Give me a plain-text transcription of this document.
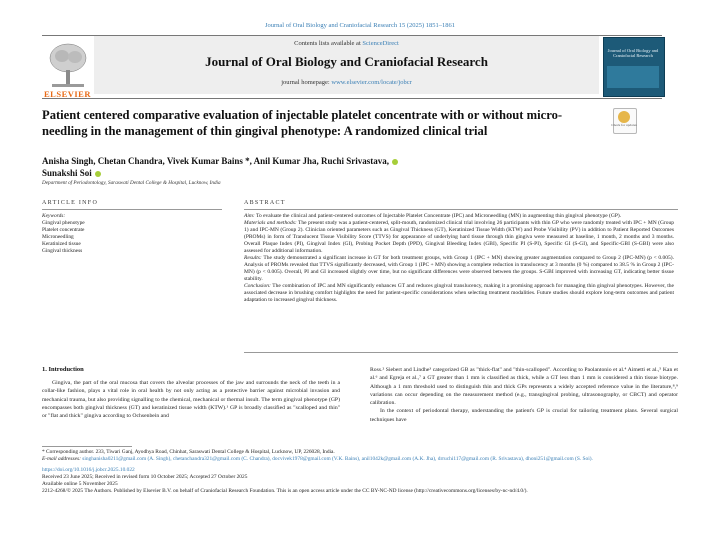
Journal of Oral Biology and Craniofacial Research 15 (2025) 1851–1861
Contents lists available at ScienceDirect
Journal of Oral Biology and Craniofacial Research
journal homepage: www.elsevier.com/locate/jobcr
ELSEVIER
Journal of Oral Biology and Craniofacial Research
Patient centered comparative evaluation of injectable platelet concentrate with or without micro-needling in the management of thin gingival phenotype: A randomized clinical trial	Check for updates
Anisha Singh, Chetan Chandra, Vivek Kumar Bains *, Anil Kumar Jha, Ruchi Srivastava,
Sunakshi Soi
Department of Periodontology, Saraswati Dental College & Hospital, Lucknow, India
ARTICLE INFO	ABSTRACT
Keywords:
Gingival phenotype
Platelet concentrate
Microneedling
Keratinized tissue
Gingival thickness

Aim: To evaluate the clinical and patient-centered outcomes of Injectable Platelet Concentrate (IPC) and Microneedling (MN) in augmenting thin gingival phenotype (GP).

Materials and methods: The present study was a patient-centered, split-mouth, randomized clinical trial involving 26 participants with thin GP who were randomly treated with IPC + MN (Group 1) and IPC-MN (Group 2). Clinician oriented parameters such as Gingival Thickness (GT), Keratinized Tissue Width (KTW) and Probe Visibility (PV) in addition to Patient Reported Outcomes (PROMs) in form of Translucent Tissue Visibility Score (TTVS) for appearance of underlying hard tissue through thin gingiva were measured at baseline, 1 month, 2 months and 3 months. Overall Plaque Index (PI), Gingival Index (GI), Probing Pocket Depth (PPD), Gingival Bleeding Index (GBI), Specific PI (S-PI), Specific GI (S-GI), and Specific-GBI (S-GBI) were also assessed for additional information.

Results: The study demonstrated a significant increase in GT for both treatment groups, with Group 1 (IPC + MN) showing greater augmentation compared to Group 2 (IPC-MN) (p < 0.005). Analysis of PROMs revealed that TTVS significantly decreased, with Group 1 (IPC + MN) showing a complete reduction in translucency at 3 months (0 %) compared to 38.5 % in Group 2 (IPC-MN) (p < 0.005). Overall, PI and GI increased slightly over time, but no significant differences were observed between the groups. S-GBI improved with increasing GT, indicating better tissue stability.

Conclusion: The combination of IPC and MN significantly enhances GT and reduces gingival translucency, making it a promising approach for managing thin gingival phenotypes. However, the associated decrease in brushing comfort highlights the need for patient-specific considerations when selecting treatment modalities. Future studies should explore long-term outcomes and patient adaptation to increased gingival thickness.

1. Introduction

Gingiva, the part of the oral mucosa that covers the alveolar processes of the jaw and surrounds the neck of the teeth in a collar-like fashion, plays a vital role in oral health by not only acting as a protective barrier against microbial invasion and mechanical trauma, but also providing signalling to the chemical, mechanical or thermal insult. The term gingival phenotype (GP) encompasses both gingival thickness (GT) and keratinized tissue width (KTW).¹ GP is broadly classified as "scalloped and thin" or "flat and thick" gingiva according to Ochsenbein and

Ross.² Siebert and Lindhe³ categorized GB as "thick-flat" and "thin-scalloped". According to Paolantonio et al.⁴ Aimetti et al.,⁵ Kan et al.⁶ and Egreja et al.,⁷ a GT greater than 1 mm is classified as thick, while a GT less than 1 mm is considered a thin tissue biotype. Although a 1 mm threshold used to distinguish thin and thick GPs represents a widely accepted reference value in the literature,⁸,⁹ variations can occur depending on the measurement method (e.g., transgingival probing, ultrasonography, or CBCT) and operator calibration.

In the context of periodontal therapy, understanding the patient's GP is crucial for tailoring treatment plans. Several surgical techniques have

* Corresponding author. 233, Tiwari Ganj, Ayodhya Road, Chinhat, Saraswati Dental College & Hospital, Lucknow, UP, 226028, India.
E-mail addresses: singhanisha0211@gmail.com (A. Singh), chetanchandra321@gmail.com (C. Chandra), docvivek1978@gmail.com (V.K. Bains), anil1042k@gmail.com (A.K. Jha), drruchi117@gmail.com (R. Srivastava), dhoni251@gmail.com (S. Soi).
https://doi.org/10.1016/j.jobcr.2025.10.022
Received 23 June 2025; Received in revised form 10 October 2025; Accepted 27 October 2025
Available online 5 November 2025
2212-4268/© 2025 The Authors. Published by Elsevier B.V. on behalf of Craniofacial Research Foundation. This is an open access article under the CC BY-NC-ND license (http://creativecommons.org/licenses/by-nc-nd/4.0/).
